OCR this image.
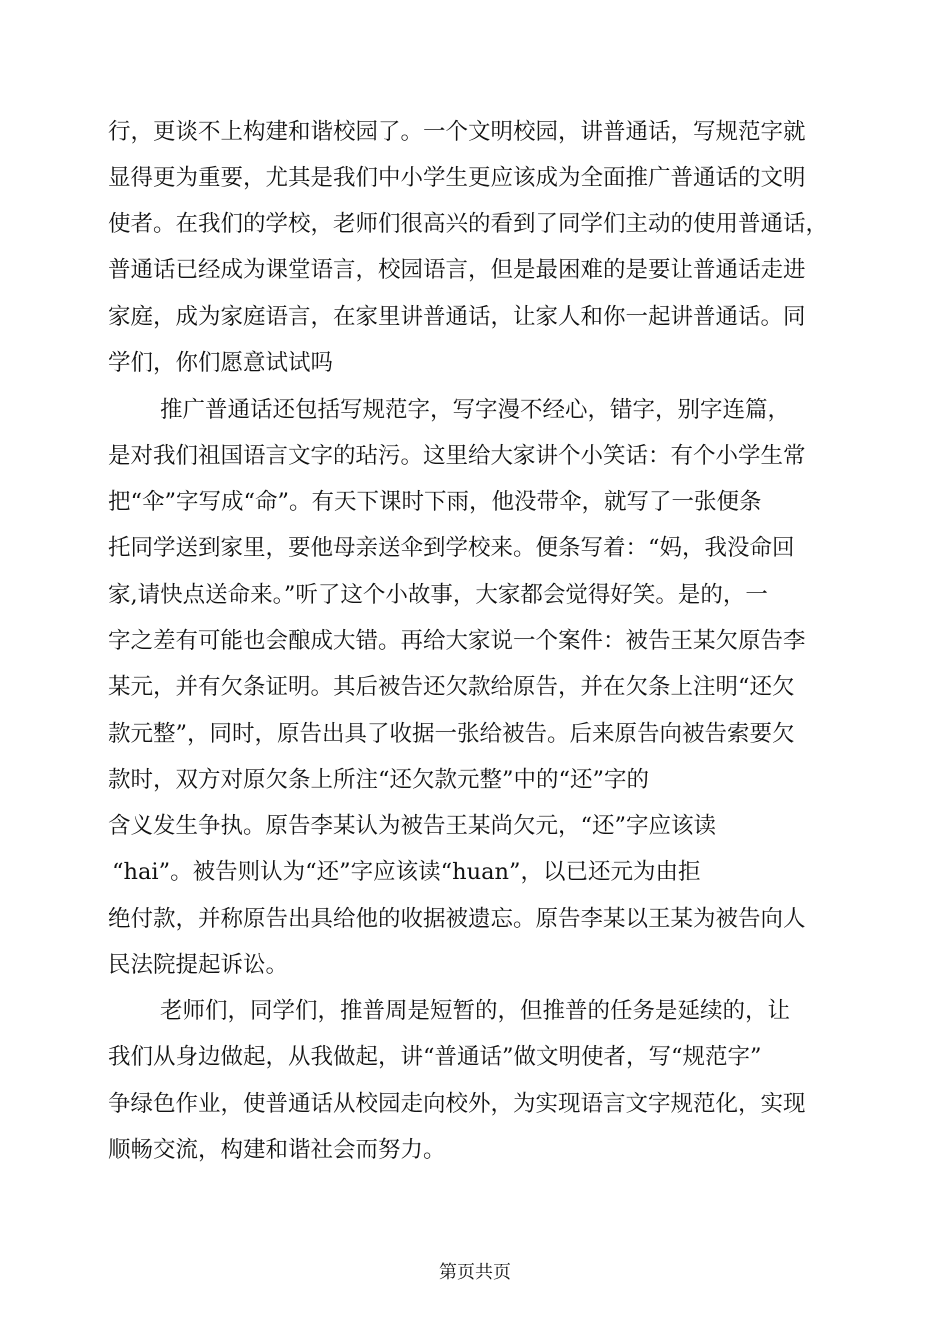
行，更谈不上构建和谐校园了。一个文明校园，讲普通话，写规范字就
显得更为重要，尤其是我们中小学生更应该成为全面推广普通话的文明
使者。在我们的学校，老师们很高兴的看到了同学们主动的使用普通话，
普通话已经成为课堂语言，校园语言，但是最困难的是要让普通话走进
家庭，成为家庭语言，在家里讲普通话，让家人和你一起讲普通话。同
学们，你们愿意试试吗
推广普通话还包括写规范字，写字漫不经心，错字，别字连篇，
是对我们祖国语言文字的玷污。这里给大家讲个小笑话：有个小学生常
把“伞”字写成“命”。有天下课时下雨，他没带伞，就写了一张便条
托同学送到家里，要他母亲送伞到学校来。便条写着：“妈，我没命回
家,请快点送命来。”听了这个小故事，大家都会觉得好笑。是的，一
字之差有可能也会酿成大错。再给大家说一个案件：被告王某欠原告李
某元，并有欠条证明。其后被告还欠款给原告，并在欠条上注明“还欠
款元整”，同时，原告出具了收据一张给被告。后来原告向被告索要欠
款时，双方对原欠条上所注“还欠款元整”中的“还”字的
含义发生争执。原告李某认为被告王某尚欠元，“还”字应该读
“hai”。被告则认为“还”字应该读“huan”，以已还元为由拒
绝付款，并称原告出具给他的收据被遗忘。原告李某以王某为被告向人
民法院提起诉讼。
老师们，同学们，推普周是短暂的，但推普的任务是延续的，让
我们从身边做起，从我做起，讲“普通话”做文明使者，写“规范字”
争绿色作业，使普通话从校园走向校外，为实现语言文字规范化，实现
顺畅交流，构建和谐社会而努力。
第页共页
